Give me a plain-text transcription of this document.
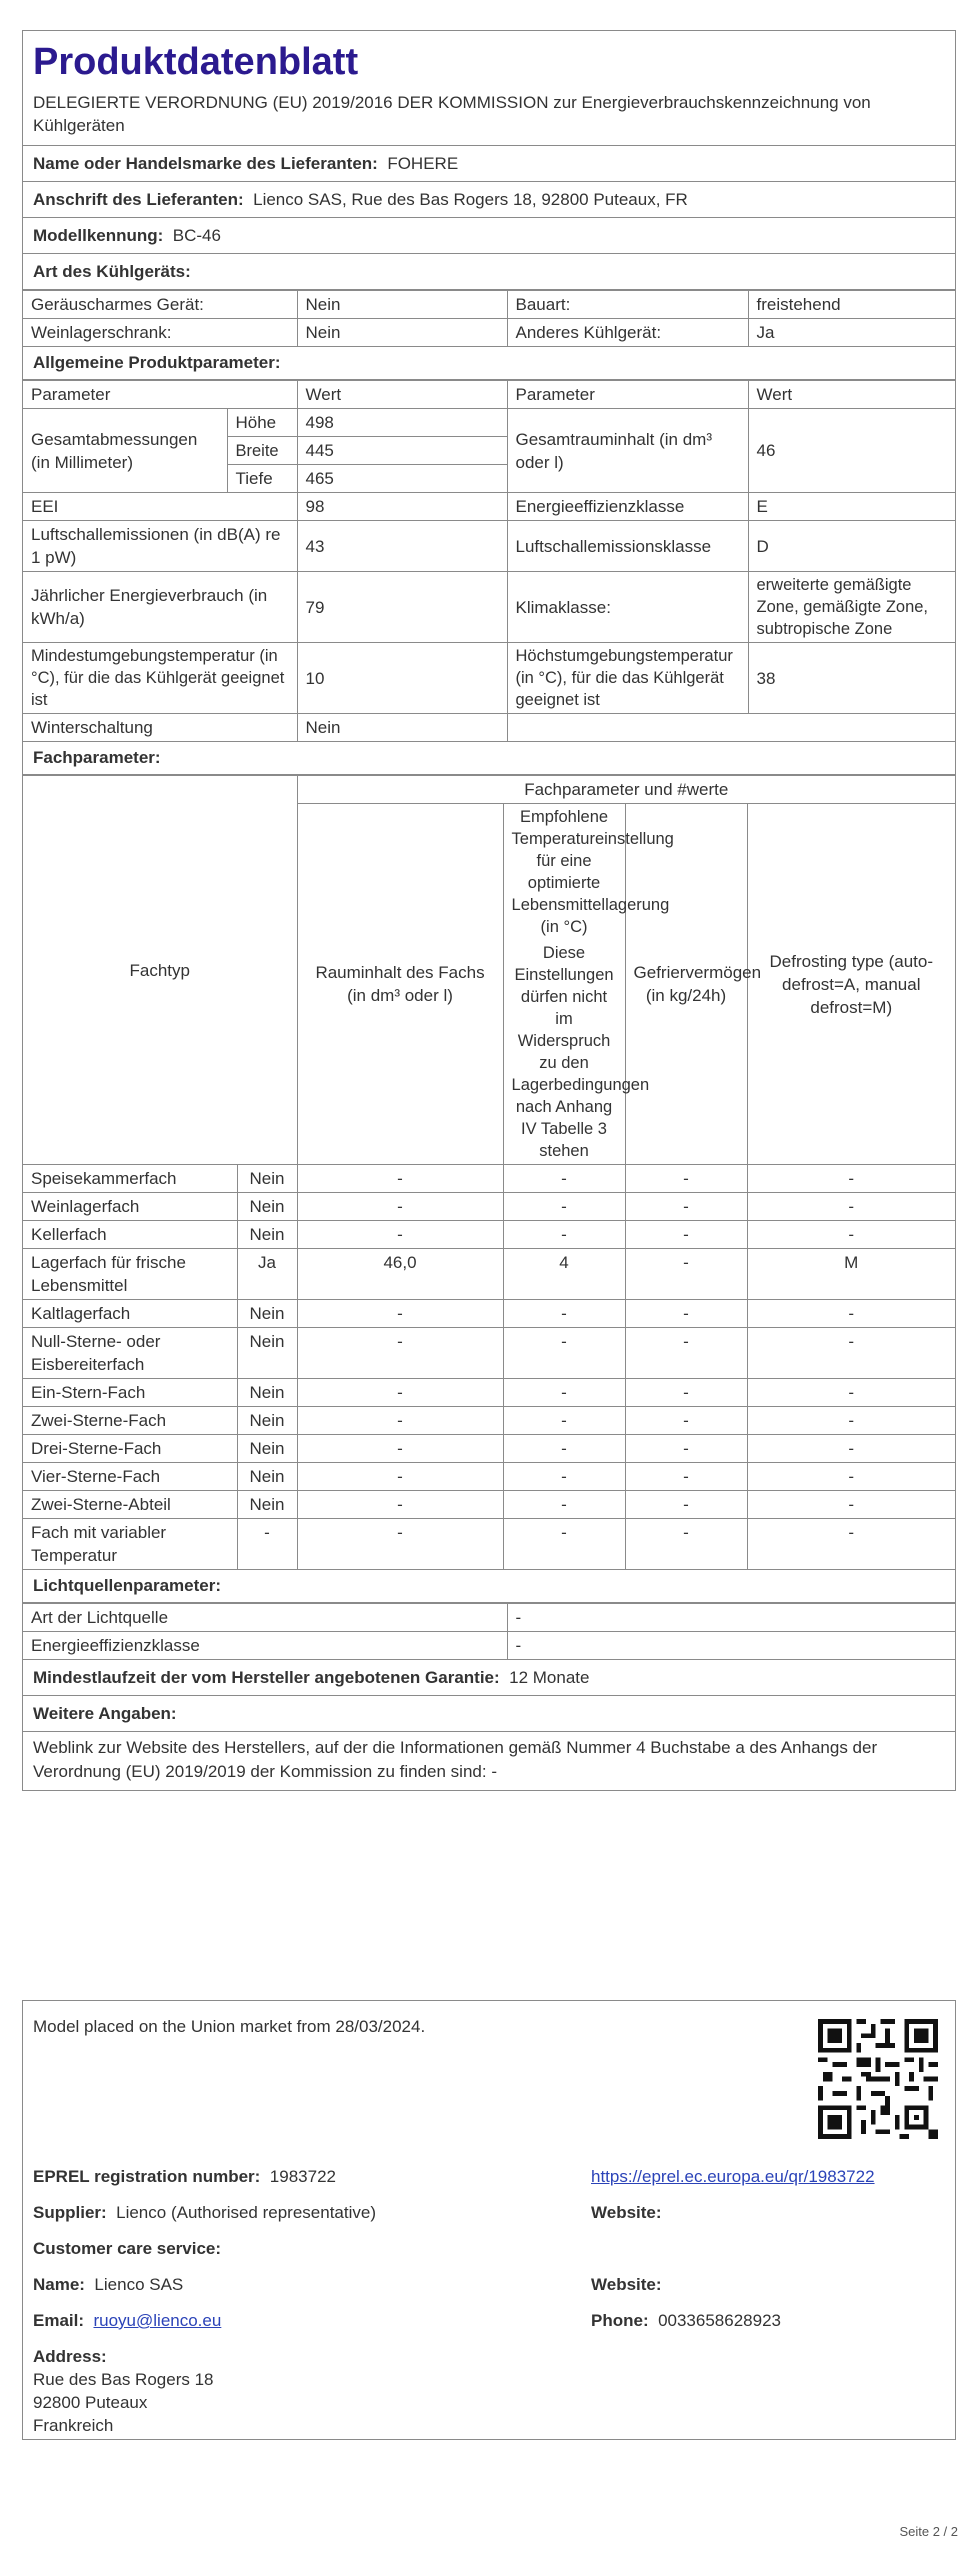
Produktdatenblatt
DELEGIERTE VERORDNUNG (EU) 2019/2016 DER KOMMISSION zur Energieverbrauchskennzeichnung von Kühlgeräten
Name oder Handelsmarke des Lieferanten: FOHERE
Anschrift des Lieferanten: Lienco SAS, Rue des Bas Rogers 18, 92800 Puteaux, FR
Modellkennung: BC-46
Art des Kühlgeräts:
Geräuscharmes Gerät:	Nein	Bauart:	freistehend
Weinlagerschrank:	Nein	Anderes Kühlgerät:	Ja
Allgemeine Produktparameter:
Parameter		Wert	Parameter	Wert
Gesamtabmessungen (in Millimeter)	Höhe	498	Gesamtrauminhalt (in dm³ oder l)	46
	Breite	445		
	Tiefe	465		
EEI		98	Energieeffizienzklasse	E
Luftschallemissionen (in dB(A) re 1 pW)		43	Luftschallemissionsklasse	D
Jährlicher Energieverbrauch (in kWh/a)		79	Klimaklasse:	erweiterte gemäßigte Zone, gemäßigte Zone, subtropische Zone
Mindestumgebungstemperatur (in °C), für die das Kühlgerät geeignet ist		10	Höchstumgebungstemperatur (in °C), für die das Kühlgerät geeignet ist	38
Winterschaltung		Nein		
Fachparameter:
Fachtyp		Fachparameter und #werte			
		Rauminhalt des Fachs (in dm³ oder l)	Empfohlene Temperatureinstellung für eine optimierte Lebensmittellagerung (in °C)
Diese Einstellungen dürfen nicht im Widerspruch zu den Lagerbedingungen nach Anhang IV Tabelle 3 stehen	Gefriervermögen (in kg/24h)	Defrosting type (auto-defrost=A, manual defrost=M)
Speisekammerfach	Nein	-	-	-	-
Weinlagerfach	Nein	-	-	-	-
Kellerfach	Nein	-	-	-	-
Lagerfach für frische Lebensmittel	Ja	46,0	4	-	M
Kaltlagerfach	Nein	-	-	-	-
Null-Sterne- oder Eisbereiterfach	Nein	-	-	-	-
Ein-Stern-Fach	Nein	-	-	-	-
Zwei-Sterne-Fach	Nein	-	-	-	-
Drei-Sterne-Fach	Nein	-	-	-	-
Vier-Sterne-Fach	Nein	-	-	-	-
Zwei-Sterne-Abteil	Nein	-	-	-	-
Fach mit variabler Temperatur	-	-	-	-	-
Lichtquellenparameter:
Art der Lichtquelle	-
Energieeffizienzklasse	-
Mindestlaufzeit der vom Hersteller angebotenen Garantie: 12 Monate
Weitere Angaben:
Weblink zur Website des Herstellers, auf der die Informationen gemäß Nummer 4 Buchstabe a des Anhangs der Verordnung (EU) 2019/2019 der Kommission zu finden sind: -
Model placed on the Union market from 28/03/2024.
EPREL registration number: 1983722	https://eprel.ec.europa.eu/qr/1983722
Supplier: Lienco (Authorised representative)	Website:
Customer care service:
Name: Lienco SAS	Website:
Email: ruoyu@lienco.eu	Phone: 0033658628923
Address:
Rue des Bas Rogers 18
92800 Puteaux
Frankreich
Seite 2 / 2
